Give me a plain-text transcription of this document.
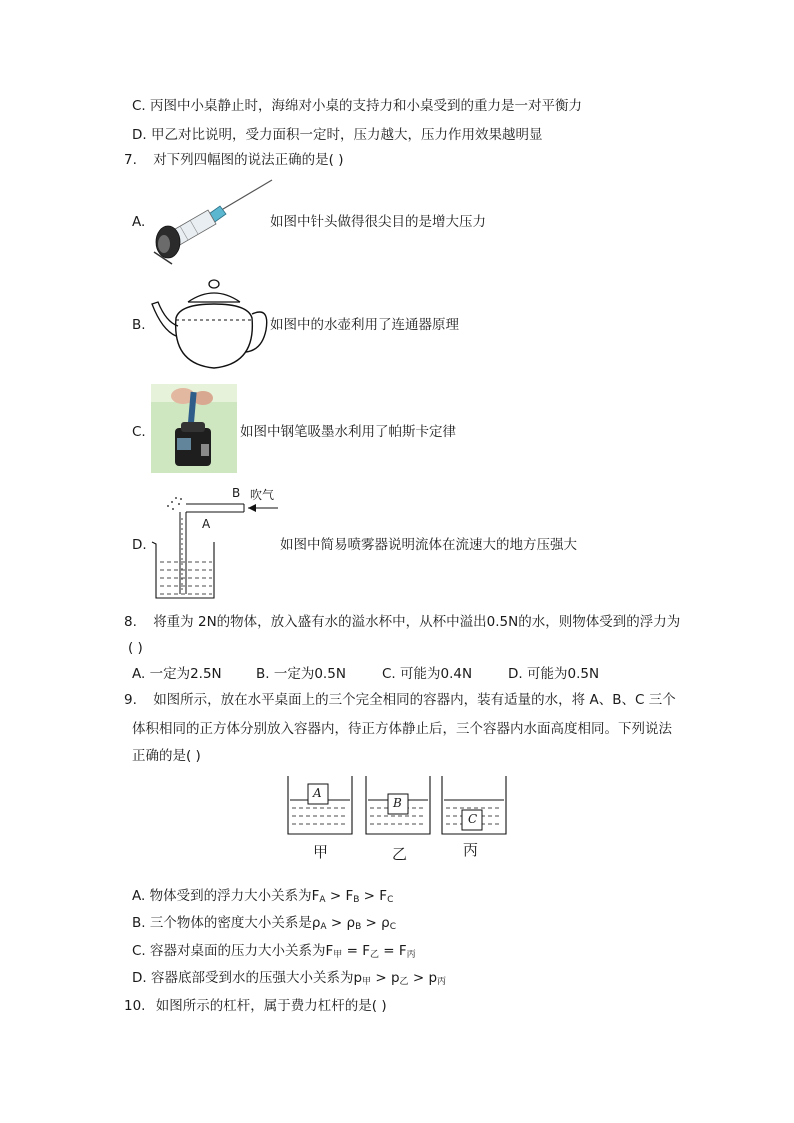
C. 丙图中小桌静止时，海绵对小桌的支持力和小桌受到的重力是一对平衡力
D. 甲乙对比说明，受力面积一定时，压力越大，压力作用效果越明显
7. 对下列四幅图的说法正确的是( )
A.	如图中针头做得很尖目的是增大压力
B.	如图中的水壶利用了连通器原理
C.	如图中钢笔吸墨水利用了帕斯卡定律
D.
B 吹气
A
如图中简易喷雾器说明流体在流速大的地方压强大
8. 将重为 2N的物体，放入盛有水的溢水杯中，从杯中溢出0.5N的水，则物体受到的浮力为
( )
A. 一定为2.5N	B. 一定为0.5N	C. 可能为0.4N	D. 可能为0.5N
9. 如图所示，放在水平桌面上的三个完全相同的容器内，装有适量的水，将 A、B、C 三个
体积相同的正方体分别放入容器内，待正方体静止后，三个容器内水面高度相同。下列说法
正确的是( )
A
B
C
甲	乙	丙
A. 物体受到的浮力大小关系为$F_A > F_B > F_C$
B. 三个物体的密度大小关系是$\rho_A > \rho_B > \rho_C$
C. 容器对桌面的压力大小关系为$F_甲 = F_乙 = F_丙$
D. 容器底部受到水的压强大小关系为$p_甲 > p_乙 > p_丙$
10. 如图所示的杠杆，属于费力杠杆的是( )
